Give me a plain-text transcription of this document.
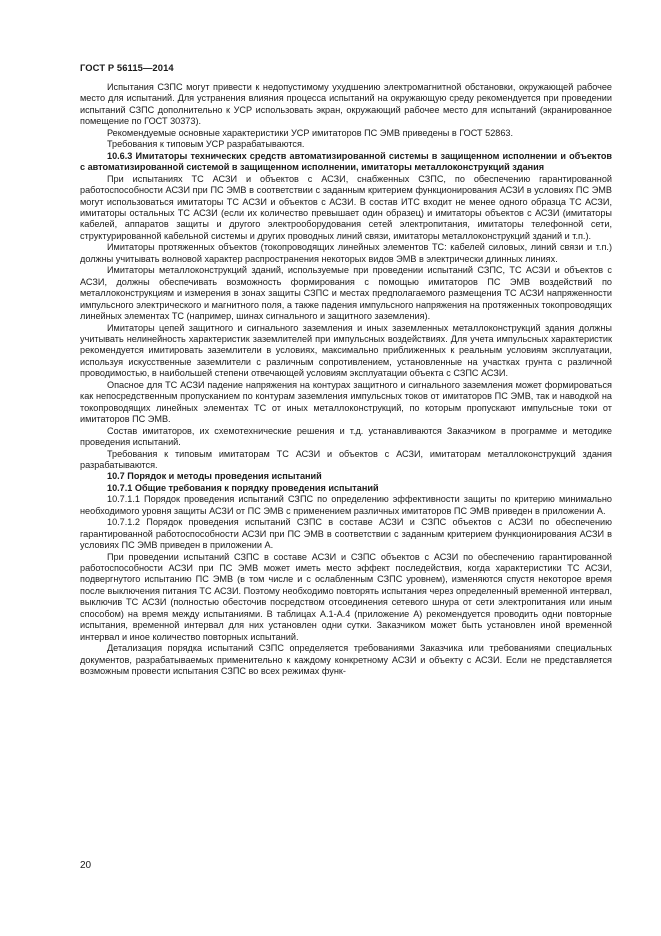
ГОСТ Р 56115—2014

Испытания СЗПС могут привести к недопустимому ухудшению электромагнитной обстановки, окружающей рабочее место для испытаний. Для устранения влияния процесса испытаний на окружающую среду рекомендуется при проведении испытаний СЗПС дополнительно к УСР использовать экран, окружающий рабочее место для испытаний (экранированное помещение по ГОСТ 30373).

Рекомендуемые основные характеристики УСР имитаторов ПС ЭМВ приведены в ГОСТ 52863.

Требования к типовым УСР разрабатываются.

10.6.3 Имитаторы технических средств автоматизированной системы в защищенном исполнении и объектов с автоматизированной системой в защищенном исполнении, имитаторы металлоконструкций здания

При испытаниях ТС АСЗИ и объектов с АСЗИ, снабженных СЗПС, по обеспечению гарантированной работоспособности АСЗИ при ПС ЭМВ в соответствии с заданным критерием функционирования АСЗИ в условиях ПС ЭМВ могут использоваться имитаторы ТС АСЗИ и объектов с АСЗИ. В состав ИТС входит не менее одного образца ТС АСЗИ, имитаторы остальных ТС АСЗИ (если их количество превышает один образец) и имитаторы объектов с АСЗИ (имитаторы кабелей, аппаратов защиты и другого электрооборудования сетей электропитания, имитаторы телефонной сети, структурированной кабельной системы и других проводных линий связи, имитаторы металлоконструкций зданий и т.п.).

Имитаторы протяженных объектов (токопроводящих линейных элементов ТС: кабелей силовых, линий связи и т.п.) должны учитывать волновой характер распространения некоторых видов ЭМВ в электрически длинных линиях.

Имитаторы металлоконструкций зданий, используемые при проведении испытаний СЗПС, ТС АСЗИ и объектов с АСЗИ, должны обеспечивать возможность формирования с помощью имитаторов ПС ЭМВ воздействий по металлоконструкциям и измерения в зонах защиты СЗПС и местах предполагаемого размещения ТС АСЗИ напряженности импульсного электрического и магнитного поля, а также падения импульсного напряжения на протяженных токопроводящих линейных элементах ТС (например, шинах сигнального и защитного заземления).

Имитаторы цепей защитного и сигнального заземления и иных заземленных металлоконструкций здания должны учитывать нелинейность характеристик заземлителей при импульсных воздействиях. Для учета импульсных характеристик рекомендуется имитировать заземлители в условиях, максимально приближенных к реальным условиям эксплуатации, используя искусственные заземлители с различным сопротивлением, установленные на участках грунта с различной проводимостью, в наибольшей степени отвечающей условиям эксплуатации объекта с СЗПС АСЗИ.

Опасное для ТС АСЗИ падение напряжения на контурах защитного и сигнального заземления может формироваться как непосредственным пропусканием по контурам заземления импульсных токов от имитаторов ПС ЭМВ, так и наводкой на токопроводящих линейных элементах ТС от иных металлоконструкций, по которым пропускают импульсные токи от имитаторов ПС ЭМВ.

Состав имитаторов, их схемотехнические решения и т.д. устанавливаются Заказчиком в программе и методике проведения испытаний.

Требования к типовым имитаторам ТС АСЗИ и объектов с АСЗИ, имитаторам металлоконструкций здания разрабатываются.

10.7 Порядок и методы проведения испытаний

10.7.1 Общие требования к порядку проведения испытаний

10.7.1.1 Порядок проведения испытаний СЗПС по определению эффективности защиты по критерию минимально необходимого уровня защиты АСЗИ от ПС ЭМВ с применением различных имитаторов ПС ЭМВ приведен в приложении А.

10.7.1.2 Порядок проведения испытаний СЗПС в составе АСЗИ и СЗПС объектов с АСЗИ по обеспечению гарантированной работоспособности АСЗИ при ПС ЭМВ в соответствии с заданным критерием функционирования АСЗИ в условиях ПС ЭМВ приведен в приложении А.

При проведении испытаний СЗПС в составе АСЗИ и СЗПС объектов с АСЗИ по обеспечению гарантированной работоспособности АСЗИ при ПС ЭМВ может иметь место эффект последействия, когда характеристики ТС АСЗИ, подвергнутого испытанию ПС ЭМВ (в том числе и с ослабленным СЗПС уровнем), изменяются спустя некоторое время после выключения питания ТС АСЗИ. Поэтому необходимо повторять испытания через определенный временной интервал, выключив ТС АСЗИ (полностью обесточив посредством отсоединения сетевого шнура от сети электропитания или иным способом) на время между испытаниями. В таблицах А.1-А.4 (приложение А) рекомендуется проводить одни повторные испытания, временной интервал для них установлен одни сутки. Заказчиком может быть установлен иной временной интервал и иное количество повторных испытаний.

Детализация порядка испытаний СЗПС определяется требованиями Заказчика или требованиями специальных документов, разрабатываемых применительно к каждому конкретному АСЗИ и объекту с АСЗИ. Если не представляется возможным провести испытания СЗПС во всех режимах функ-

20
